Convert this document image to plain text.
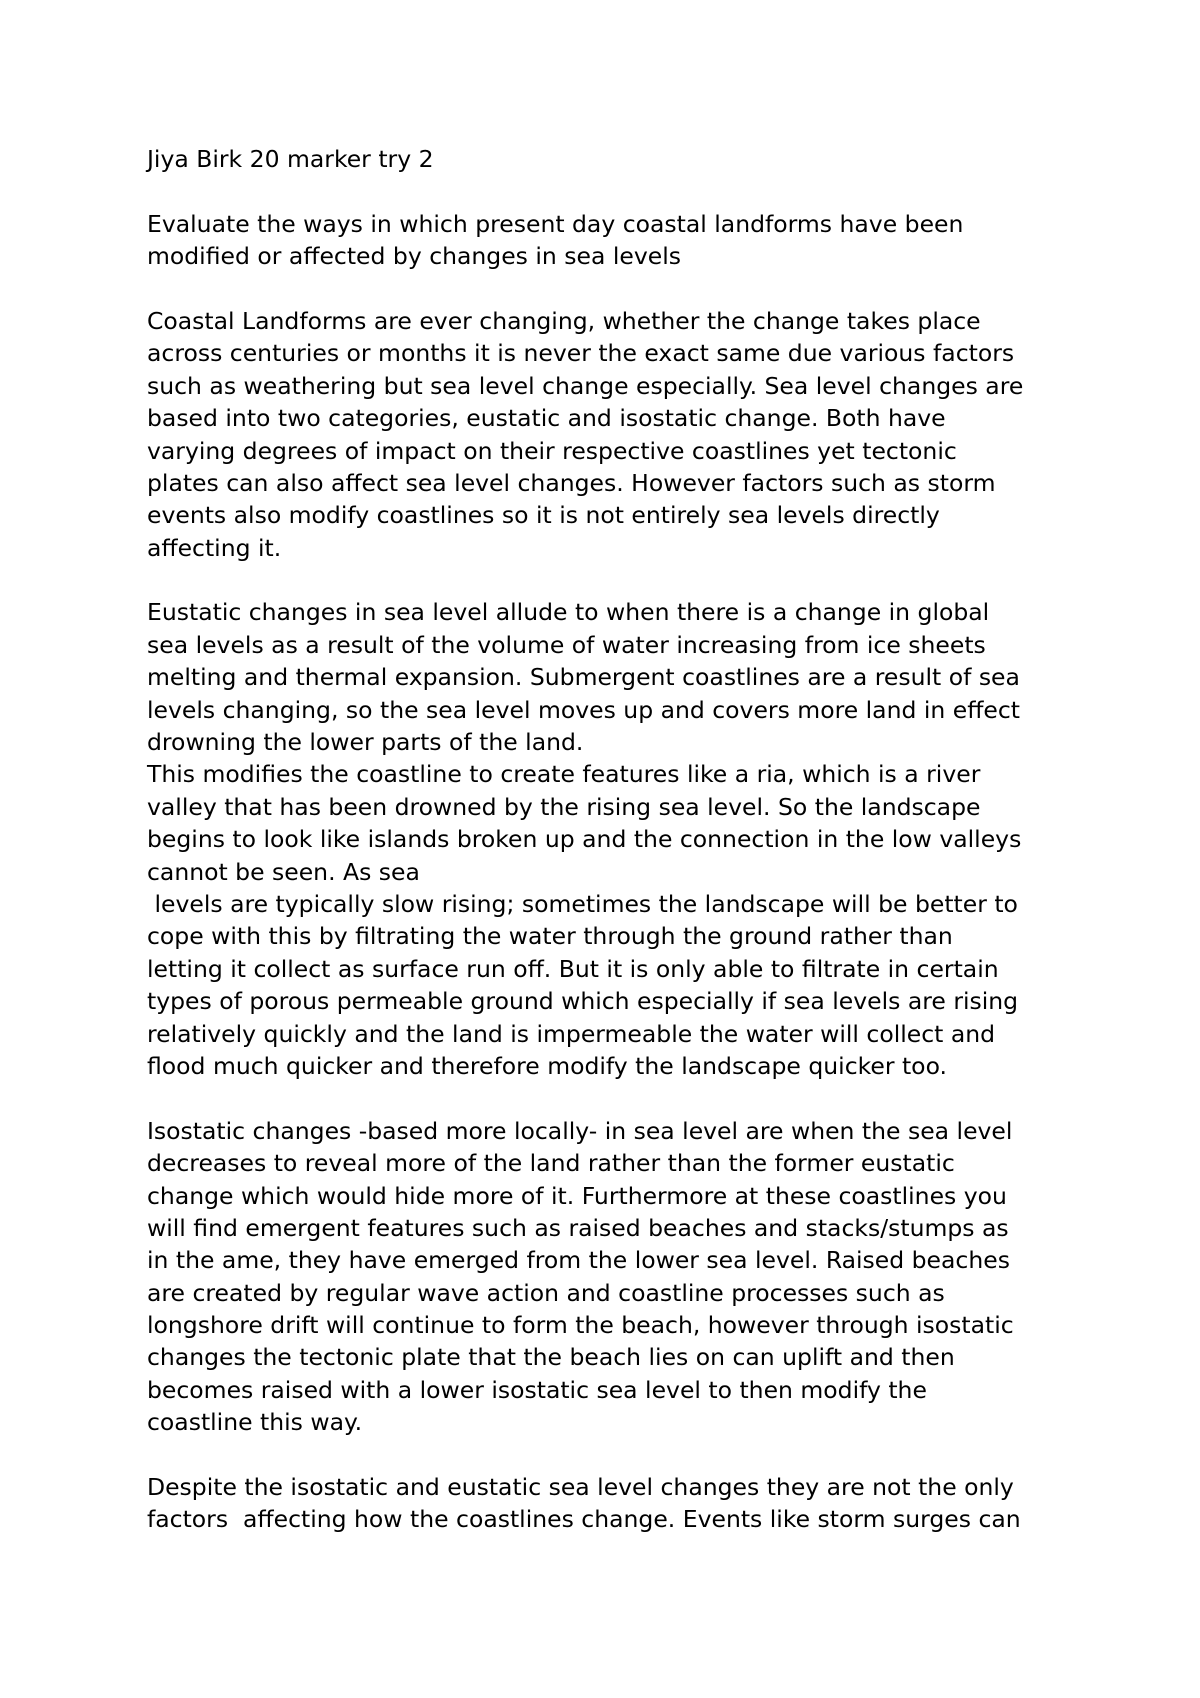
Jiya Birk 20 marker try 2
Evaluate the ways in which present day coastal landforms have been
modified or affected by changes in sea levels
Coastal Landforms are ever changing, whether the change takes place
across centuries or months it is never the exact same due various factors
such as weathering but sea level change especially. Sea level changes are
based into two categories, eustatic and isostatic change. Both have
varying degrees of impact on their respective coastlines yet tectonic
plates can also affect sea level changes. However factors such as storm
events also modify coastlines so it is not entirely sea levels directly
affecting it.
Eustatic changes in sea level allude to when there is a change in global
sea levels as a result of the volume of water increasing from ice sheets
melting and thermal expansion. Submergent coastlines are a result of sea
levels changing, so the sea level moves up and covers more land in effect
drowning the lower parts of the land.
This modifies the coastline to create features like a ria, which is a river
valley that has been drowned by the rising sea level. So the landscape
begins to look like islands broken up and the connection in the low valleys
cannot be seen. As sea
levels are typically slow rising; sometimes the landscape will be better to
cope with this by filtrating the water through the ground rather than
letting it collect as surface run off. But it is only able to filtrate in certain
types of porous permeable ground which especially if sea levels are rising
relatively quickly and the land is impermeable the water will collect and
flood much quicker and therefore modify the landscape quicker too.
Isostatic changes -based more locally- in sea level are when the sea level
decreases to reveal more of the land rather than the former eustatic
change which would hide more of it. Furthermore at these coastlines you
will find emergent features such as raised beaches and stacks/stumps as
in the ame, they have emerged from the lower sea level. Raised beaches
are created by regular wave action and coastline processes such as
longshore drift will continue to form the beach, however through isostatic
changes the tectonic plate that the beach lies on can uplift and then
becomes raised with a lower isostatic sea level to then modify the
coastline this way.
Despite the isostatic and eustatic sea level changes they are not the only
factors  affecting how the coastlines change. Events like storm surges can
